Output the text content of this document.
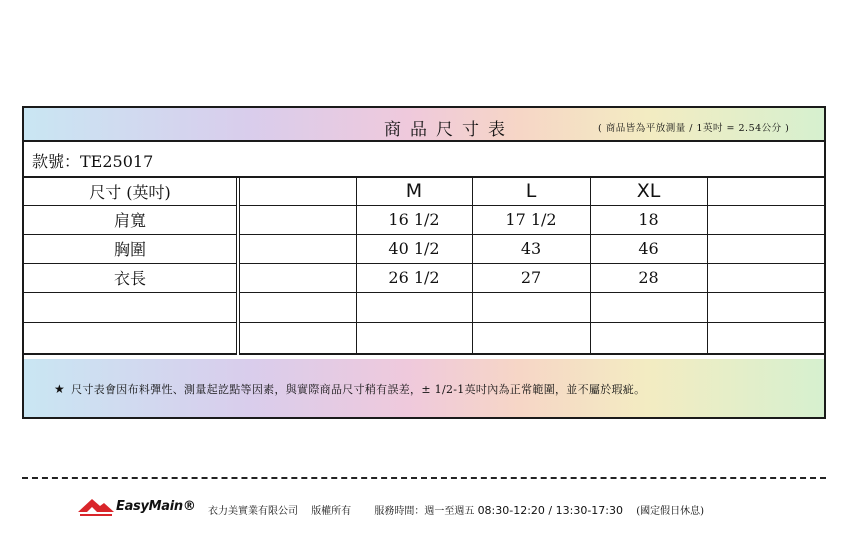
商品尺寸表	( 商品皆為平放測量 / 1英吋 = 2.54公分 )
款號：TE25017
尺寸 (英吋)		M	L	XL	
肩寬		16 1/2	17 1/2	18	
胸圍		40 1/2	43	46	
衣長		26 1/2	27	28	

★ 尺寸表會因布料彈性、測量起訖點等因素，與實際商品尺寸稍有誤差，± 1/2-1英吋內為正常範圍，並不屬於瑕疵。
EasyMain® 衣力美實業有限公司 版權所有 服務時間：週一至週五 08:30-12:20 / 13:30-17:30 (國定假日休息)
